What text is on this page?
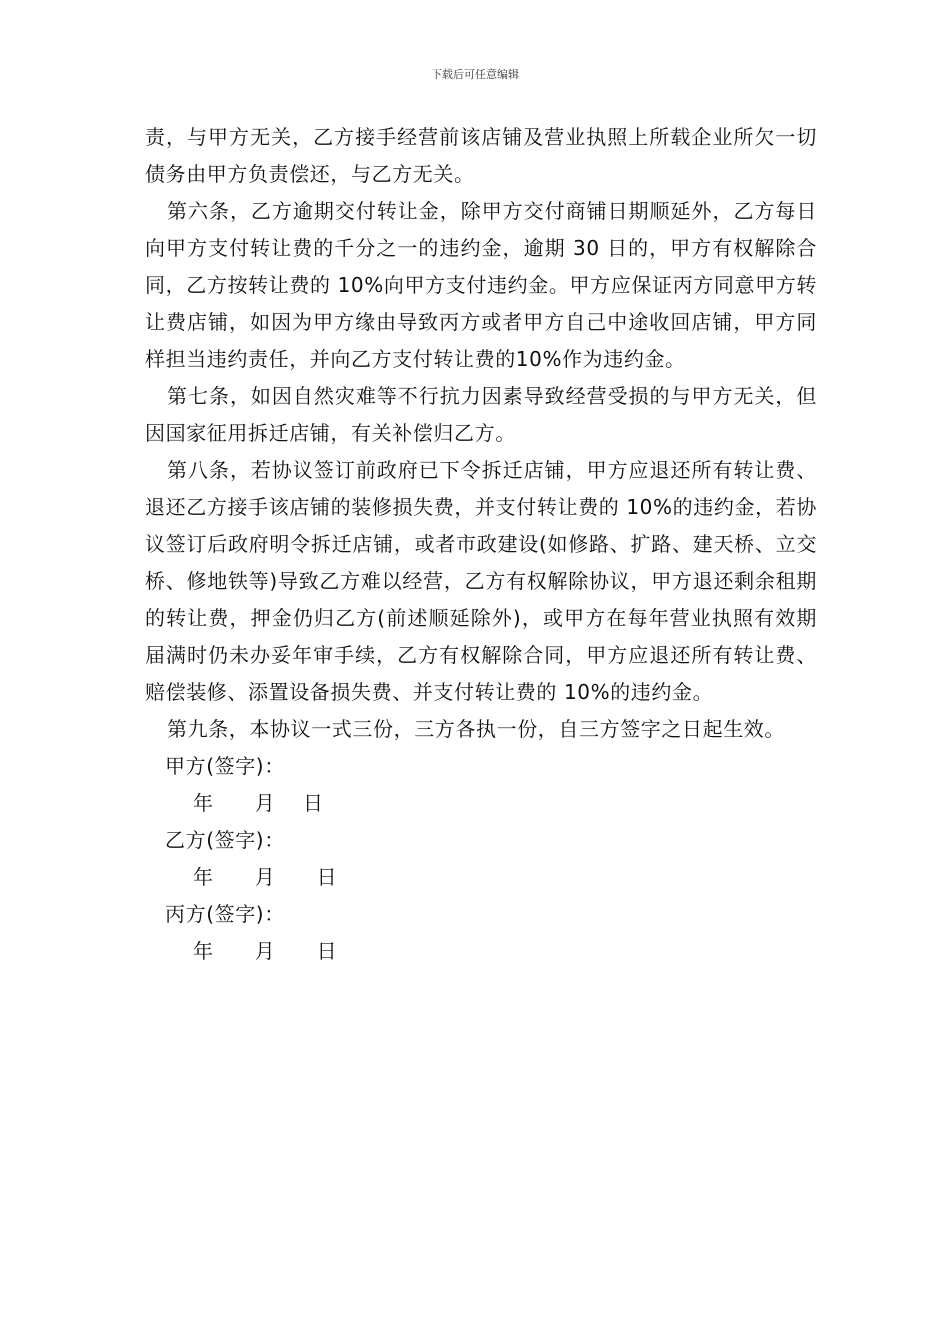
下载后可任意编辑

责，与甲方无关，乙方接手经营前该店铺及营业执照上所载企业所欠一切债务由甲方负责偿还，与乙方无关。

第六条，乙方逾期交付转让金，除甲方交付商铺日期顺延外，乙方每日向甲方支付转让费的千分之一的违约金，逾期 30 日的，甲方有权解除合同，乙方按转让费的 10%向甲方支付违约金。甲方应保证丙方同意甲方转让费店铺，如因为甲方缘由导致丙方或者甲方自己中途收回店铺，甲方同样担当违约责任，并向乙方支付转让费的10%作为违约金。

第七条，如因自然灾难等不行抗力因素导致经营受损的与甲方无关，但因国家征用拆迁店铺，有关补偿归乙方。

第八条，若协议签订前政府已下令拆迁店铺，甲方应退还所有转让费、退还乙方接手该店铺的装修损失费，并支付转让费的 10%的违约金，若协议签订后政府明令拆迁店铺，或者市政建设(如修路、扩路、建天桥、立交桥、修地铁等)导致乙方难以经营，乙方有权解除协议，甲方退还剩余租期的转让费，押金仍归乙方(前述顺延除外)，或甲方在每年营业执照有效期届满时仍未办妥年审手续，乙方有权解除合同，甲方应退还所有转让费、赔偿装修、添置设备损失费、并支付转让费的 10%的违约金。

第九条，本协议一式三份，三方各执一份，自三方签字之日起生效。

甲方(签字)：
年　　月　 日
乙方(签字)：
年　　月　　日
丙方(签字)：
年　　月　　日
